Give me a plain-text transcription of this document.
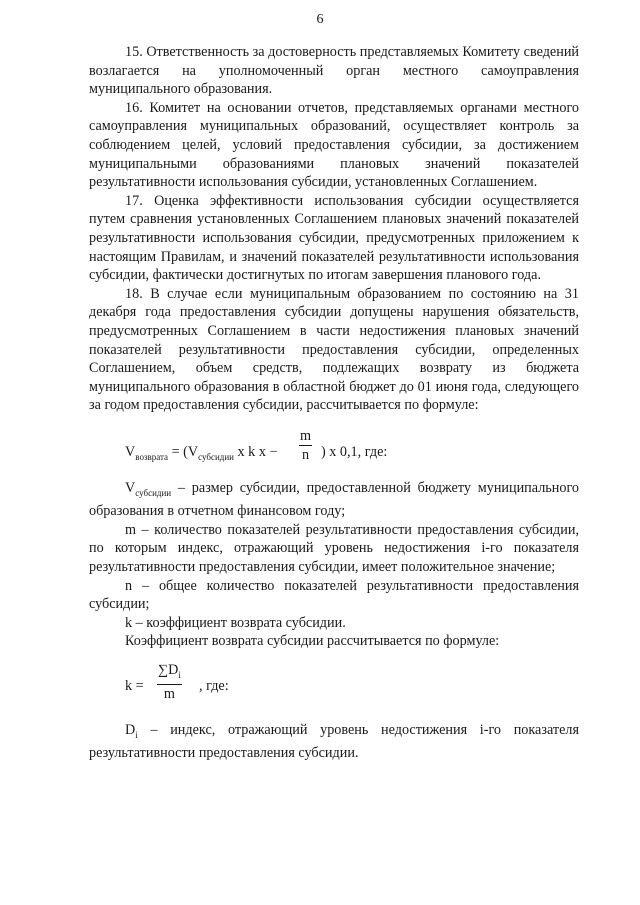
6

15. Ответственность за достоверность представляемых Комитету сведений возлагается на уполномоченный орган местного самоуправления муниципального образования.

16. Комитет на основании отчетов, представляемых органами местного самоуправления муниципальных образований, осуществляет контроль за соблюдением целей, условий предоставления субсидии, за достижением муниципальными образованиями плановых значений показателей результативности использования субсидии, установленных Соглашением.

17. Оценка эффективности использования субсидии осуществляется путем сравнения установленных Соглашением плановых значений показателей результативности использования субсидии, предусмотренных приложением к настоящим Правилам, и значений показателей результативности использования субсидии, фактически достигнутых по итогам завершения планового года.

18. В случае если муниципальным образованием по состоянию на 31 декабря года предоставления субсидии допущены нарушения обязательств, предусмотренных Соглашением в части недостижения плановых значений показателей результативности предоставления субсидии, определенных Соглашением, объем средств, подлежащих возврату из бюджета муниципального образования в областной бюджет до 01 июня года, следующего за годом предоставления субсидии, рассчитывается по формуле:

$V_{возврата} = (V_{субсидии}$ x k $x - \frac{m}{n}$ ) x 0,1, где:

$V_{субсидии}$ – размер субсидии, предоставленной бюджету муниципального образования в отчетном финансовом году;

m – количество показателей результативности предоставления субсидии, по которым индекс, отражающий уровень недостижения i-го показателя результативности предоставления субсидии, имеет положительное значение;

n – общее количество показателей результативности предоставления субсидии;

k – коэффициент возврата субсидии.

Коэффициент возврата субсидии рассчитывается по формуле:

$k = \frac{\sum D_i}{m}$ , где:

$D_i$ – индекс, отражающий уровень недостижения i-го показателя результативности предоставления субсидии.
